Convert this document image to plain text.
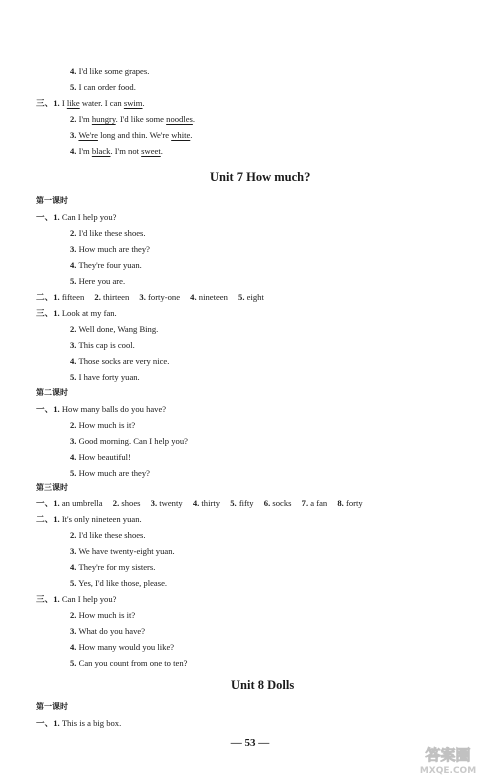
4. I'd like some grapes.
5. I can order food.
三、1. I like water. I can swim.
2. I'm hungry. I'd like some noodles.
3. We're long and thin. We're white.
4. I'm black. I'm not sweet.
Unit 7 How much?
第一课时
一、1. Can I help you?
2. I'd like these shoes.
3. How much are they?
4. They're four yuan.
5. Here you are.
二、1. fifteen 2. thirteen 3. forty-one 4. nineteen 5. eight
三、1. Look at my fan.
2. Well done, Wang Bing.
3. This cap is cool.
4. Those socks are very nice.
5. I have forty yuan.
第二课时
一、1. How many balls do you have?
2. How much is it?
3. Good morning. Can I help you?
4. How beautiful!
5. How much are they?
第三课时
一、1. an umbrella 2. shoes 3. twenty 4. thirty 5. fifty 6. socks 7. a fan 8. forty
二、1. It's only nineteen yuan.
2. I'd like these shoes.
3. We have twenty-eight yuan.
4. They're for my sisters.
5. Yes, I'd like those, please.
三、1. Can I help you?
2. How much is it?
3. What do you have?
4. How many would you like?
5. Can you count from one to ten?
Unit 8 Dolls
第一课时
一、1. This is a big box.
— 53 —
答案圈
MXQE.COM
